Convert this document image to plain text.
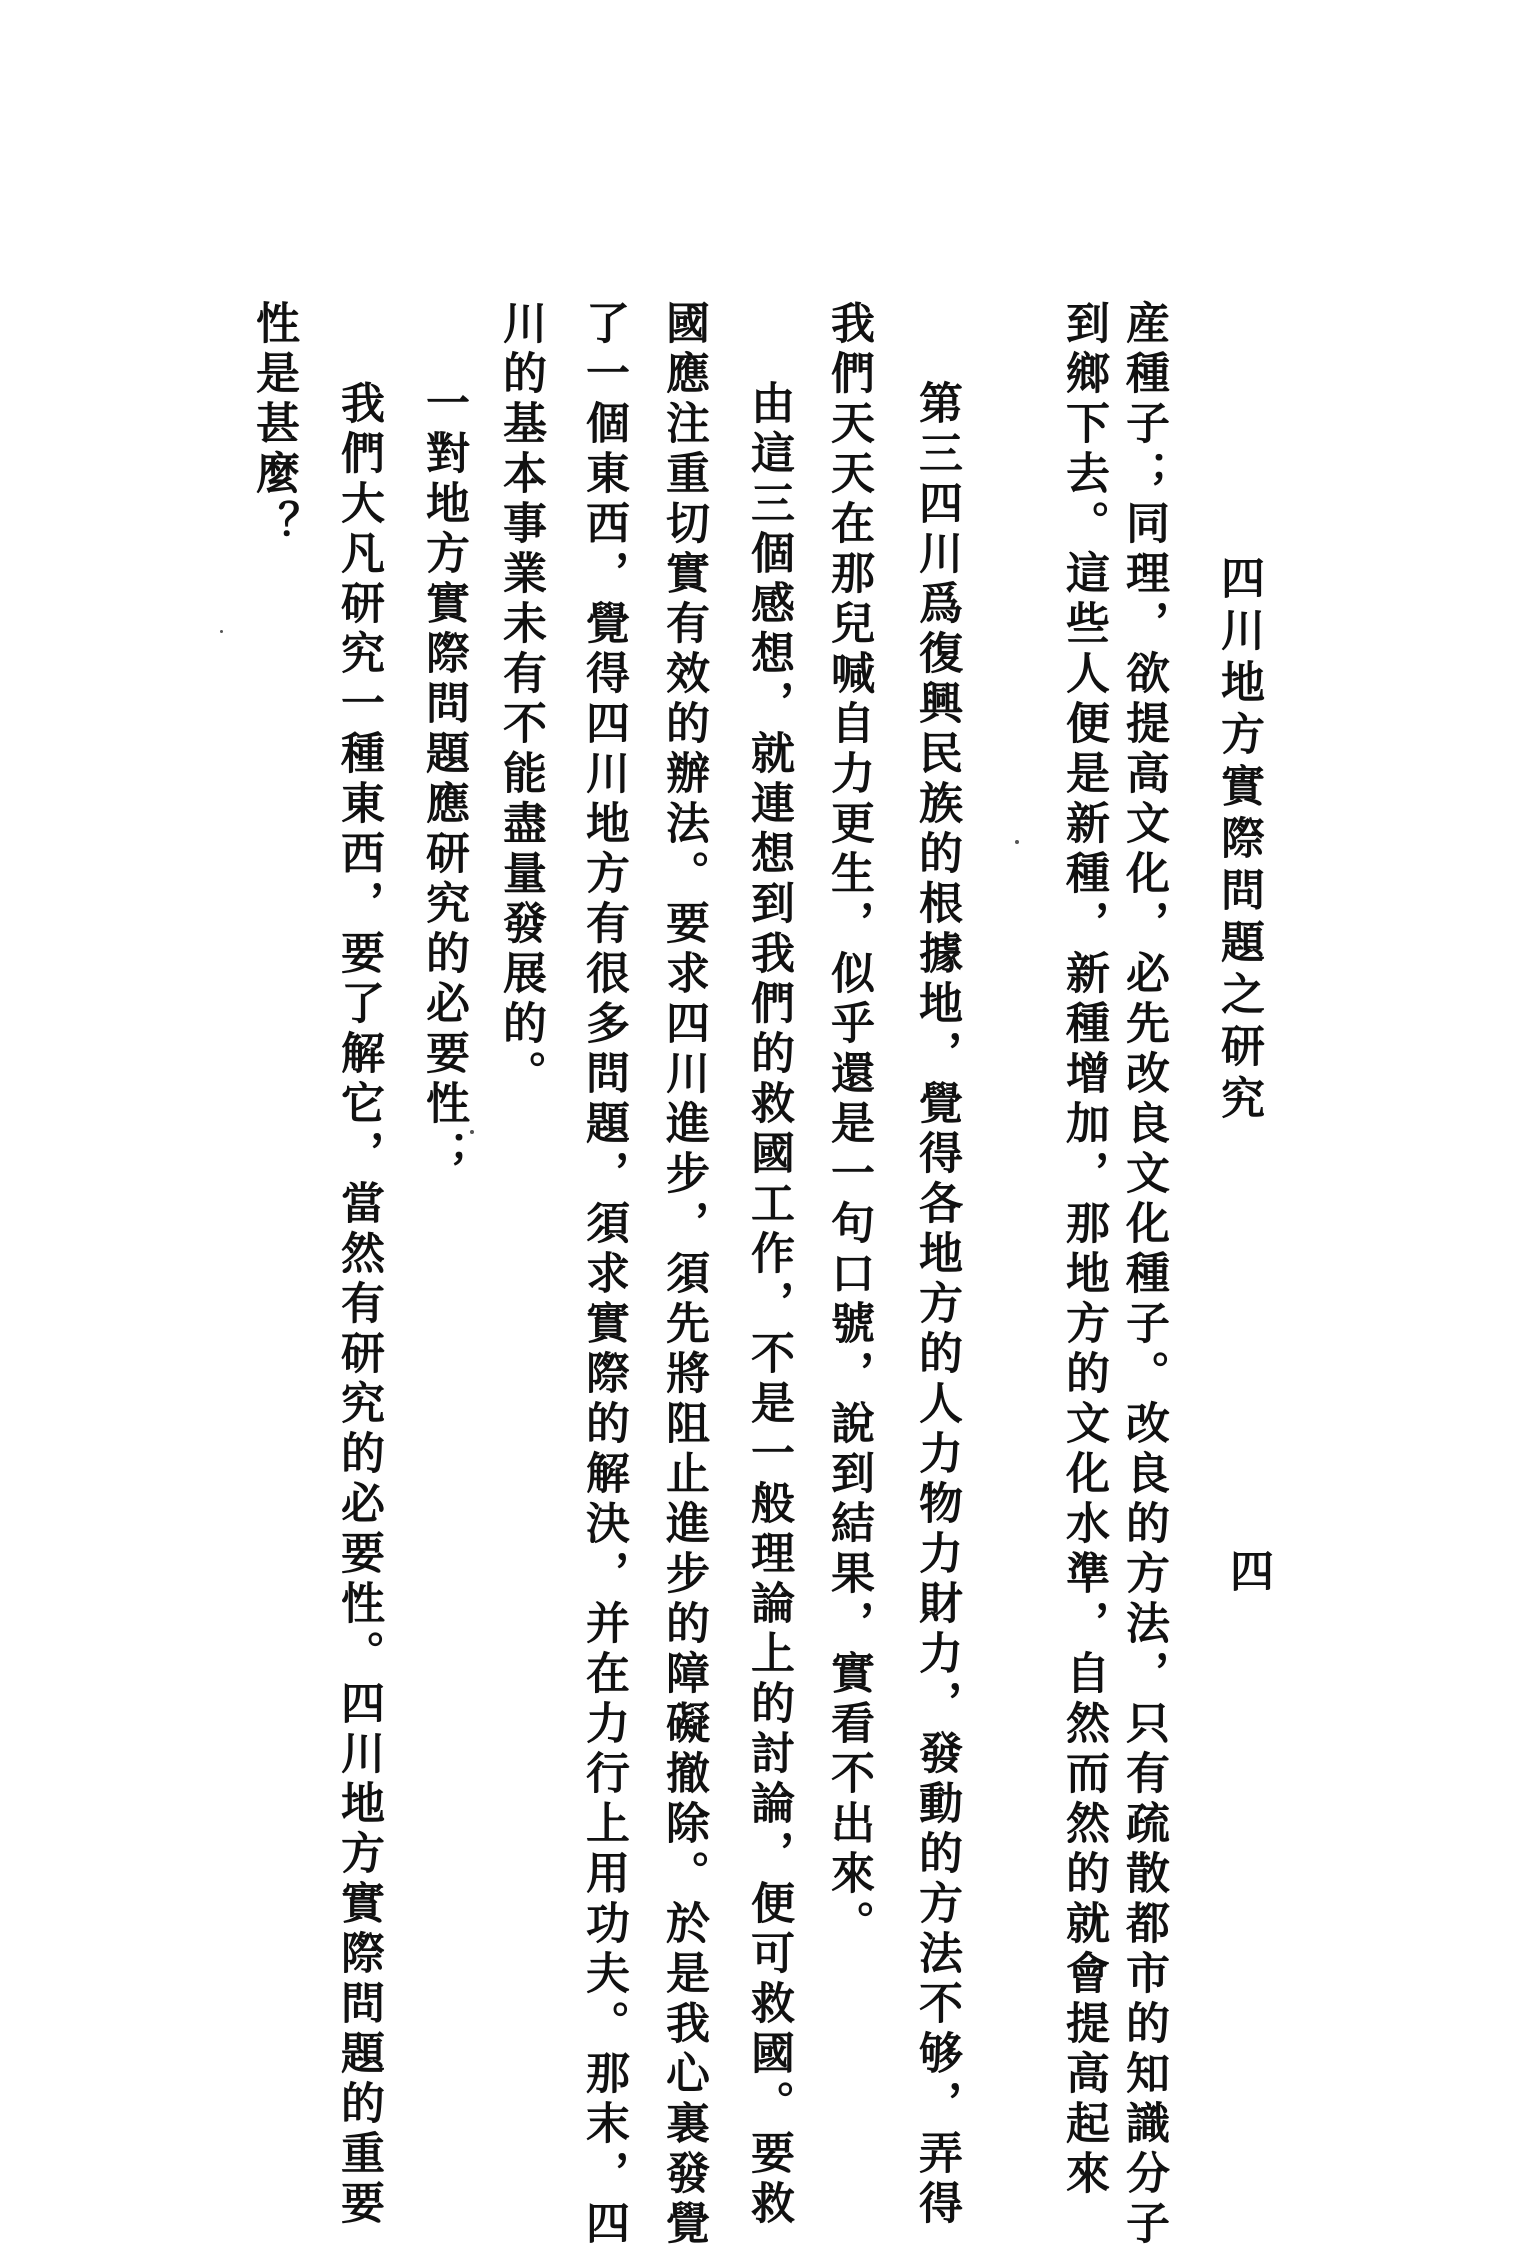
四川地方實際問題之研究
四
産種子；同理，欲提高文化，必先改良文化種子。改良的方法，只有疏散都市的知識分子
到鄉下去。這些人便是新種，新種增加，那地方的文化水準，自然而然的就會提高起來
第三四川爲復興民族的根據地，覺得各地方的人力物力財力，發動的方法不够，弄得
我們天天在那兒喊自力更生，似乎還是一句口號，說到結果，實看不出來。
由這三個感想，就連想到我們的救國工作，不是一般理論上的討論，便可救國。要救
國應注重切實有效的辦法。要求四川進步，須先將阻止進步的障礙撤除。於是我心裏發覺
了一個東西，覺得四川地方有很多問題，須求實際的解決，并在力行上用功夫。那末，四
川的基本事業未有不能盡量發展的。
一對地方實際問題應研究的必要性；
我們大凡研究一種東西，要了解它，當然有研究的必要性。四川地方實際問題的重要
性是甚麼？
